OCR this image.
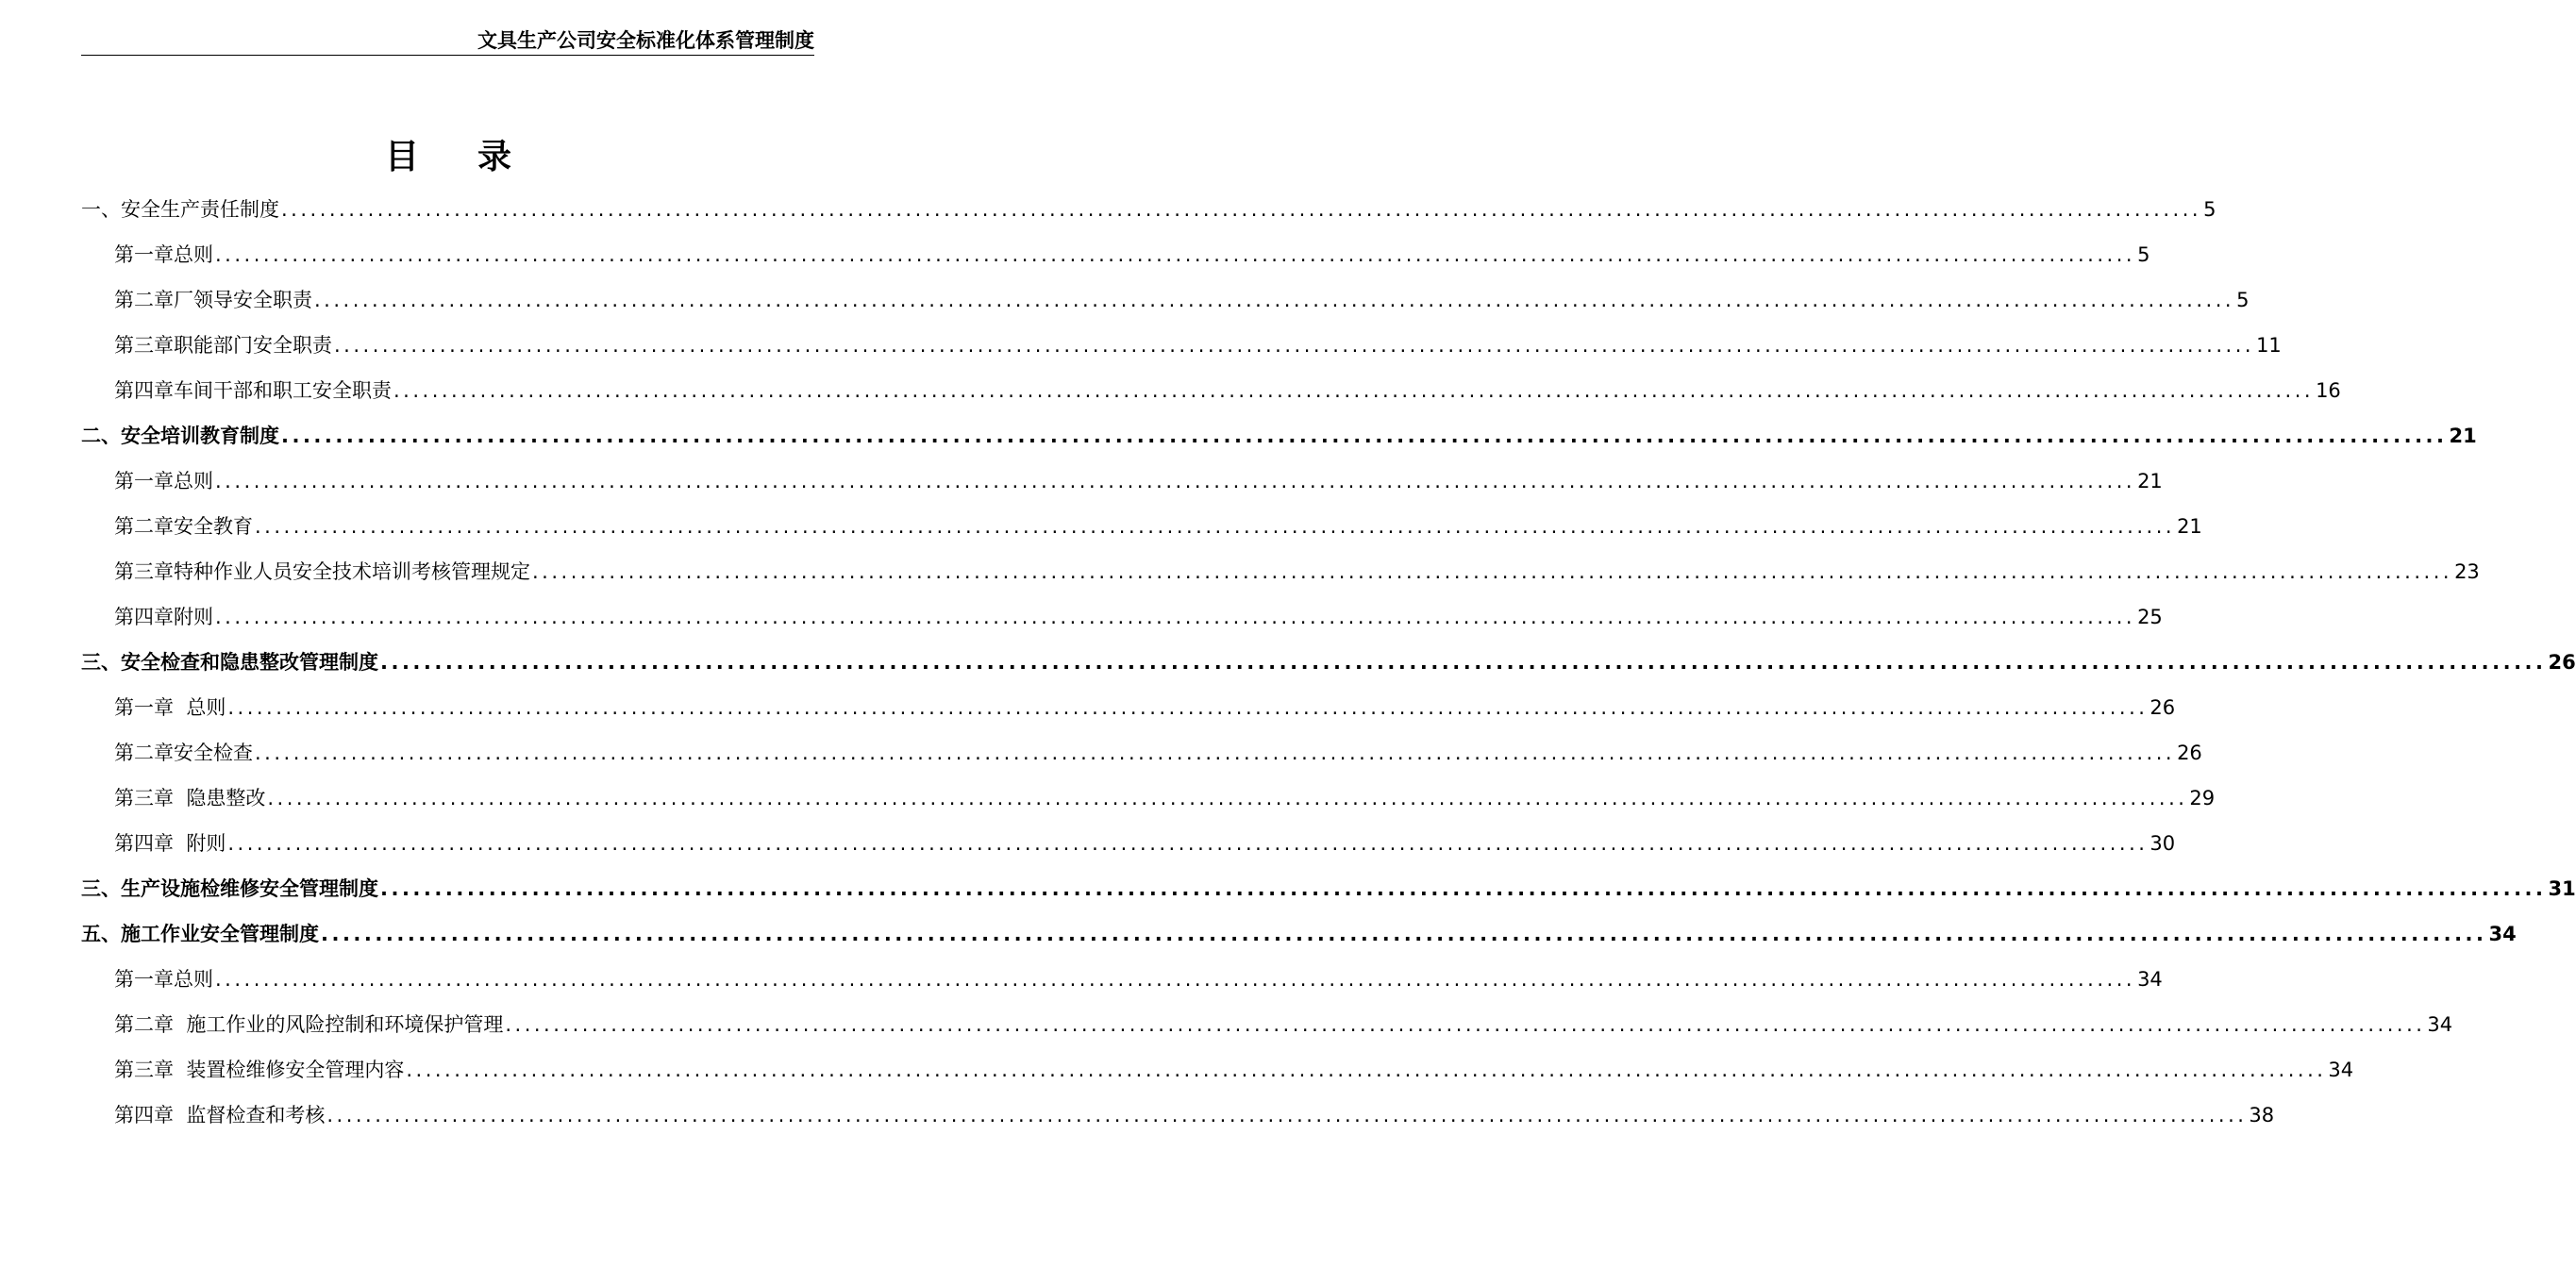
文具生产公司安全标准化体系管理制度
目 录
一、安全生产责任制度 ........................................................................................................................................................................................................ 5
第一章总则 ........................................................................................................................................................................................................ 5
第二章厂领导安全职责 ........................................................................................................................................................................................................ 5
第三章职能部门安全职责 ........................................................................................................................................................................................................ 11
第四章车间干部和职工安全职责 ........................................................................................................................................................................................................ 16
二、安全培训教育制度 ........................................................................................................................................................................................................ 21
第一章总则 ........................................................................................................................................................................................................ 21
第二章安全教育 ........................................................................................................................................................................................................ 21
第三章特种作业人员安全技术培训考核管理规定 ........................................................................................................................................................................................................ 23
第四章附则 ........................................................................................................................................................................................................ 25
三、安全检查和隐患整改管理制度 ........................................................................................................................................................................................................ 26
第一章  总则 ........................................................................................................................................................................................................ 26
第二章安全检查 ........................................................................................................................................................................................................ 26
第三章  隐患整改 ........................................................................................................................................................................................................ 29
第四章  附则 ........................................................................................................................................................................................................ 30
三、生产设施检维修安全管理制度 ........................................................................................................................................................................................................ 31
五、施工作业安全管理制度 ........................................................................................................................................................................................................ 34
第一章总则 ........................................................................................................................................................................................................ 34
第二章  施工作业的风险控制和环境保护管理 ........................................................................................................................................................................................................ 34
第三章  装置检维修安全管理内容 ........................................................................................................................................................................................................ 34
第四章  监督检查和考核 ........................................................................................................................................................................................................ 38
